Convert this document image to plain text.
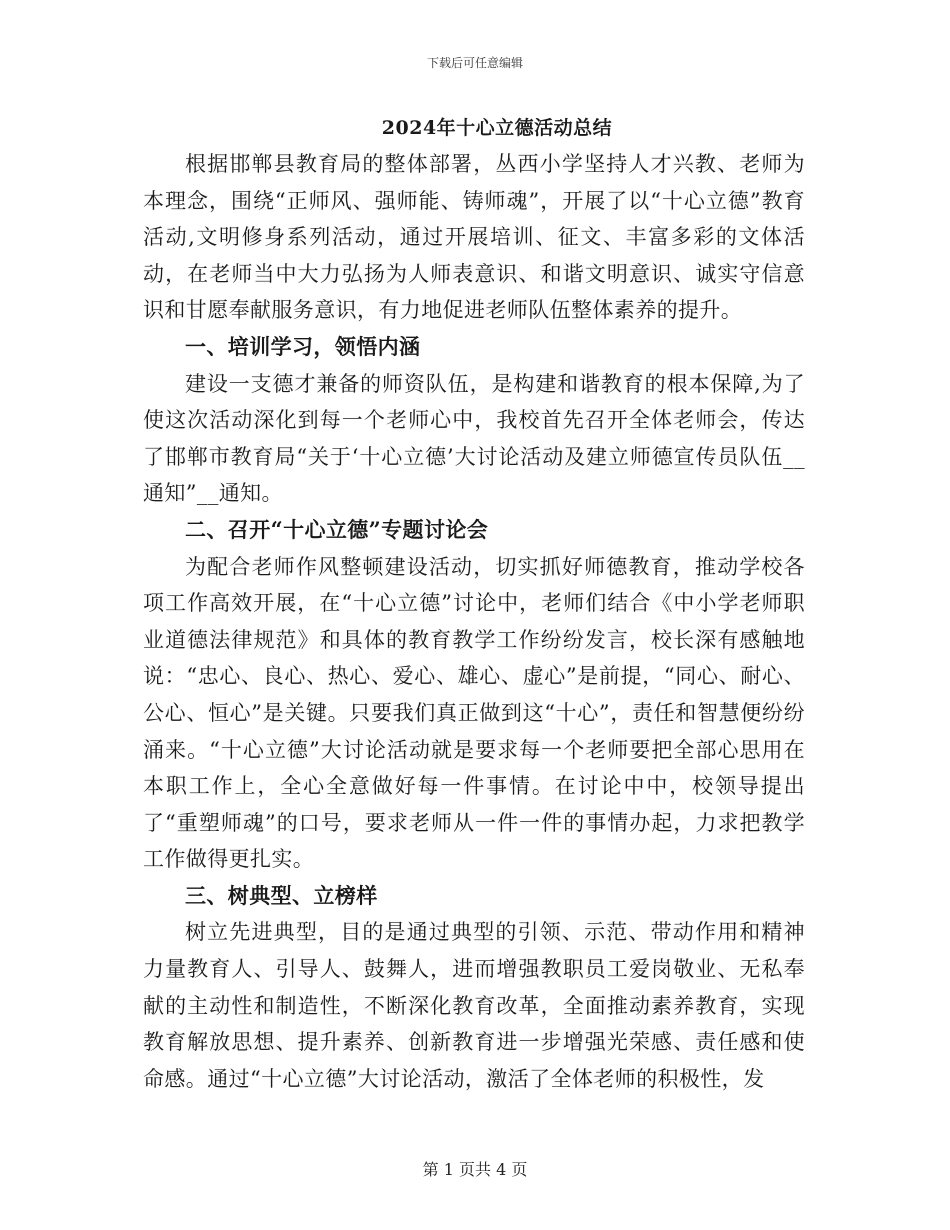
下载后可任意编辑
2024年十心立德活动总结

根据邯郸县教育局的整体部署，丛西小学坚持人才兴教、老师为本理念，围绕“正师风、强师能、铸师魂”，开展了以“十心立德”教育活动,文明修身系列活动，通过开展培训、征文、丰富多彩的文体活动，在老师当中大力弘扬为人师表意识、和谐文明意识、诚实守信意识和甘愿奉献服务意识，有力地促进老师队伍整体素养的提升。

一、培训学习，领悟内涵

建设一支德才兼备的师资队伍，是构建和谐教育的根本保障,为了使这次活动深化到每一个老师心中，我校首先召开全体老师会，传达了邯郸市教育局“关于‘十心立德’大讨论活动及建立师德宣传员队伍__通知”__通知。

二、召开“十心立德”专题讨论会

为配合老师作风整顿建设活动，切实抓好师德教育，推动学校各项工作高效开展，在“十心立德”讨论中，老师们结合《中小学老师职业道德法律规范》和具体的教育教学工作纷纷发言，校长深有感触地说：“忠心、良心、热心、爱心、雄心、虚心”是前提，“同心、耐心、公心、恒心”是关键。只要我们真正做到这“十心”，责任和智慧便纷纷涌来。“十心立德”大讨论活动就是要求每一个老师要把全部心思用在本职工作上，全心全意做好每一件事情。在讨论中中，校领导提出了“重塑师魂”的口号，要求老师从一件一件的事情办起，力求把教学工作做得更扎实。

三、树典型、立榜样

树立先进典型，目的是通过典型的引领、示范、带动作用和精神力量教育人、引导人、鼓舞人，进而增强教职员工爱岗敬业、无私奉献的主动性和制造性，不断深化教育改革，全面推动素养教育，实现教育解放思想、提升素养、创新教育进一步增强光荣感、责任感和使命感。通过“十心立德”大讨论活动，激活了全体老师的积极性，发

第 1 页共 4 页
